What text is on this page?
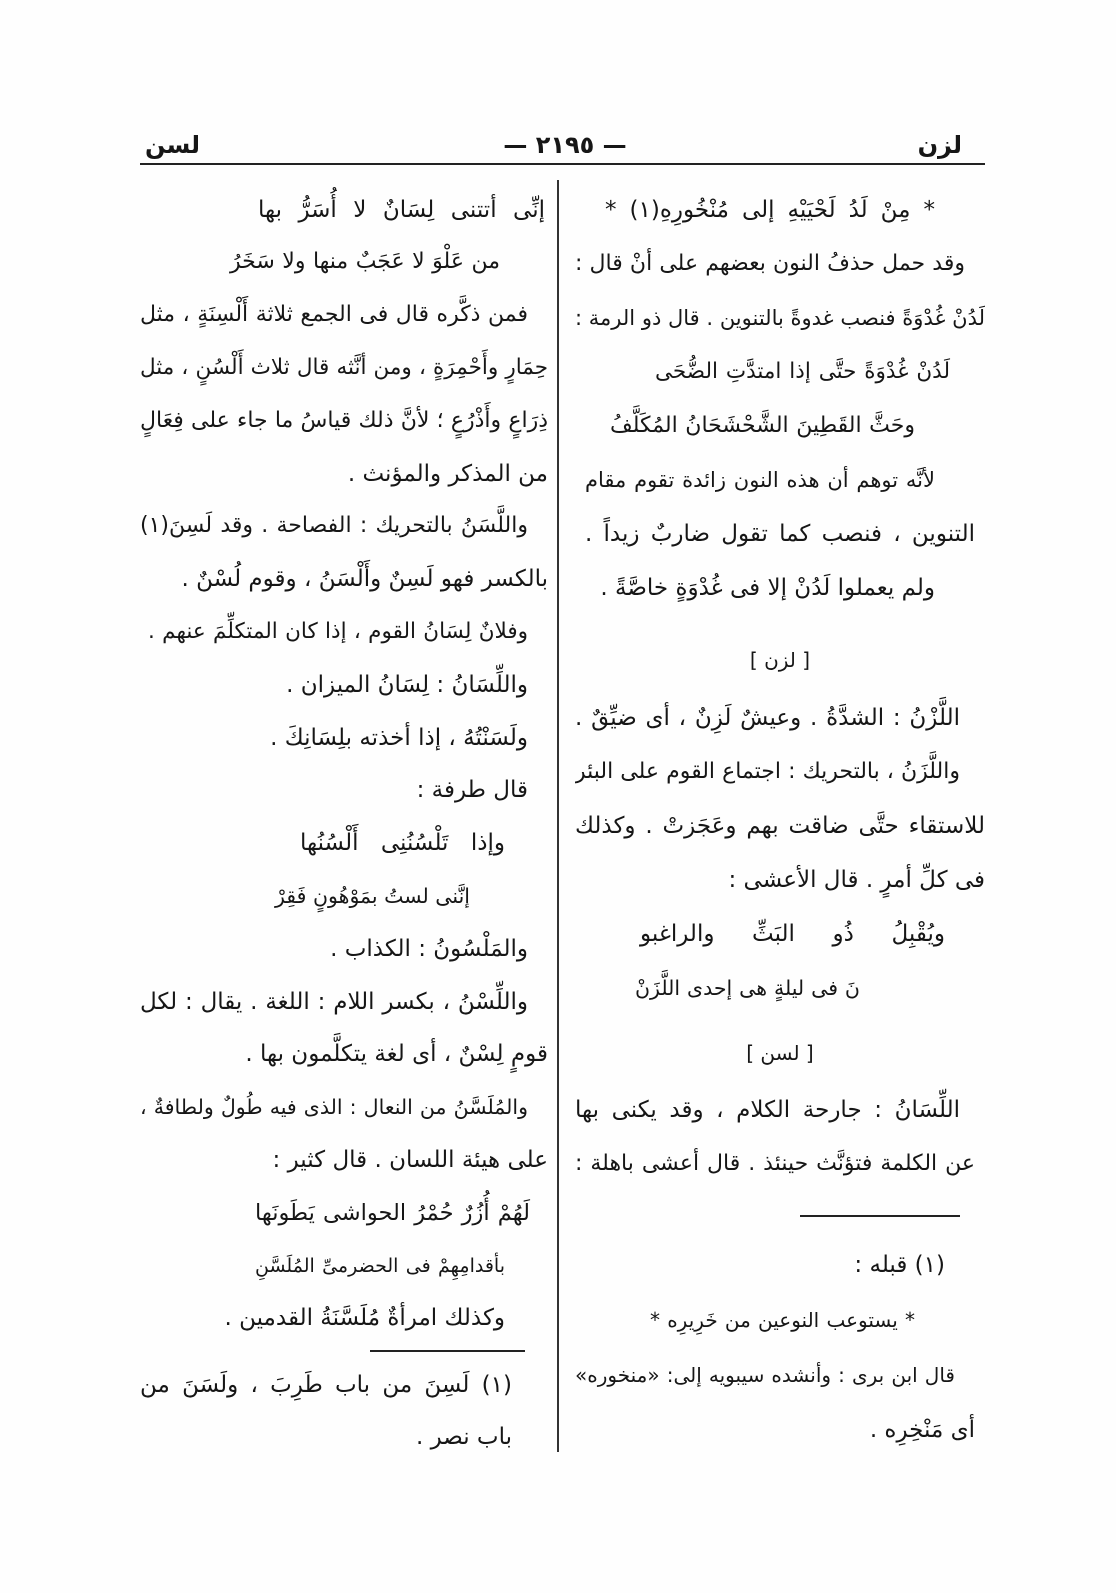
لزن
— ٢١٩٥ —
لسن
* مِنْ لَدُ لَحْيَيْهِ إلى مُنْخُورِهِ(١) *
وقد حمل حذفُ النون بعضهم على أنْ قال :
لَدُنْ غُدْوَةً فنصب غدوةً بالتنوين . قال ذو الرمة :
لَدُنْ غُدْوَةً حتَّى إذا امتدَّتِ الضُّحَى
وحَثَّ القَطِينَ الشَّحْشَحَانُ المُكَلَّفُ
لأنَّه توهم أن هذه النون زائدة تقوم مقام
التنوين ، فنصب كما تقول ضاربٌ زيداً .
ولم يعملوا لَدُنْ إلا فى غُدْوَةٍ خاصَّةً .
[ لزن ]
اللَّزْنُ : الشدَّةُ . وعيشٌ لَزِنٌ ، أى ضيِّقٌ .
واللَّزَنُ ، بالتحريك : اجتماع القوم على البئر
للاستقاء حتَّى ضاقت بهم وعَجَزتْ . وكذلك
فى كلِّ أمرٍ . قال الأعشى :
ويُقْبِلُ ذُو البَثِّ والراغبو
نَ فى ليلةٍ هى إحدى اللَّزَنْ
[ لسن ]
اللِّسَانُ : جارحة الكلام ، وقد يكنى بها
عن الكلمة فتؤنَّث حينئذ . قال أعشى باهلة :
(١) قبله :
* يستوعب النوعين من خَرِيرِه *
قال ابن برى : وأنشده سيبويه إلى: «منخوره»
أى مَنْخِرِه .
إنِّى أتتنى لِسَانٌ لا أُسَرُّ بها
من عَلْوَ لا عَجَبٌ منها ولا سَخَرُ
فمن ذكَّره قال فى الجمع ثلاثة أَلْسِنَةٍ ، مثل
حِمَارٍ وأَحْمِرَةٍ ، ومن أنَّثه قال ثلاث أَلْسُنٍ ، مثل
ذِرَاعٍ وأَذْرُعٍ ؛ لأنَّ ذلك قياسُ ما جاء على فِعَالٍ
من المذكر والمؤنث .
واللَّسَنُ بالتحريك : الفصاحة . وقد لَسِنَ(١)
بالكسر فهو لَسِنٌ وأَلْسَنُ ، وقوم لُسْنٌ .
وفلانٌ لِسَانُ القوم ، إذا كان المتكلِّمَ عنهم .
واللِّسَانُ : لِسَانُ الميزان .
ولَسَنْتُهُ ، إذا أخذته بلِسَانِكَ .
قال طرفة :
وإذا تَلْسُنُنِى أَلْسُنُها
إنَّنى لستُ بمَوْهُونٍ فَقِرْ
والمَلْسُونُ : الكذاب .
واللِّسْنُ ، بكسر اللام : اللغة . يقال : لكل
قومٍ لِسْنٌ ، أى لغة يتكلَّمون بها .
والمُلَسَّنُ من النعال : الذى فيه طُولٌ ولطافةٌ ،
على هيئة اللسان . قال كثير :
لَهُمْ أُزُرٌ حُمْرُ الحواشى يَطَونَها
بأقدامِهِمْ فى الحضرمىِّ المُلَسَّنِ
وكذلك امرأةٌ مُلَسَّنَةُ القدمين .
(١) لَسِنَ من باب طَرِبَ ، ولَسَنَ من
باب نصر .
